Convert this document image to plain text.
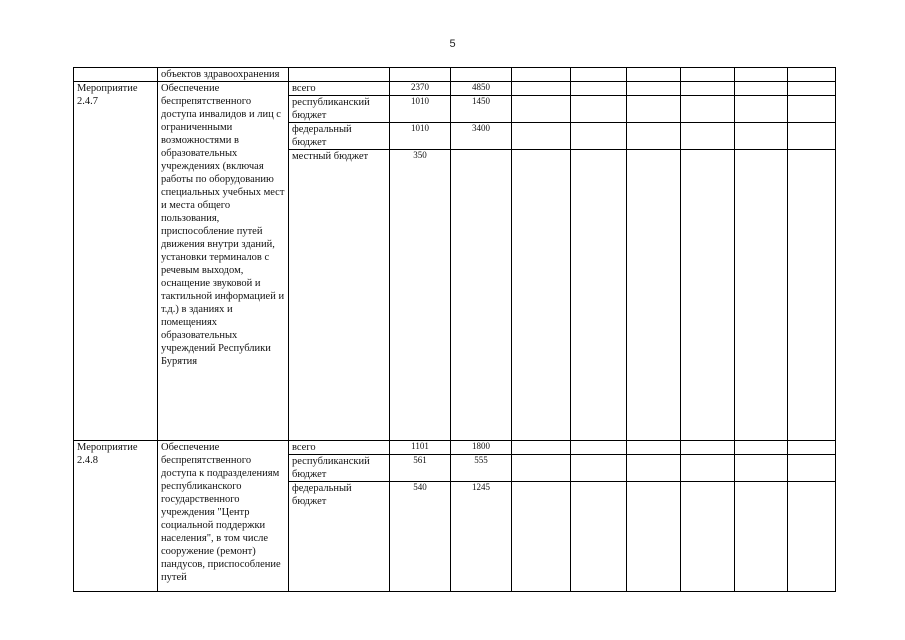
5
	объектов здравоохранения									
Мероприятие 2.4.7	Обеспечение беспрепятственного доступа инвалидов и лиц с ограниченными возможностями в образовательных учреждениях (включая работы по оборудованию специальных учебных мест и места общего пользования, приспособление путей движения внутри зданий, установки терминалов с речевым выходом, оснащение звуковой и тактильной информацией и т.д.) в зданиях и помещениях образовательных учреждений Республики Бурятия	всего	2370	4850						
		республиканский бюджет	1010	1450						
		федеральный бюджет	1010	3400						
		местный бюджет	350							
Мероприятие 2.4.8	Обеспечение беспрепятственного доступа к подразделениям республиканского государственного учреждения "Центр социальной поддержки населения", в том числе сооружение (ремонт) пандусов, приспособление путей	всего	1101	1800						
		республиканский бюджет	561	555						
		федеральный бюджет	540	1245						
